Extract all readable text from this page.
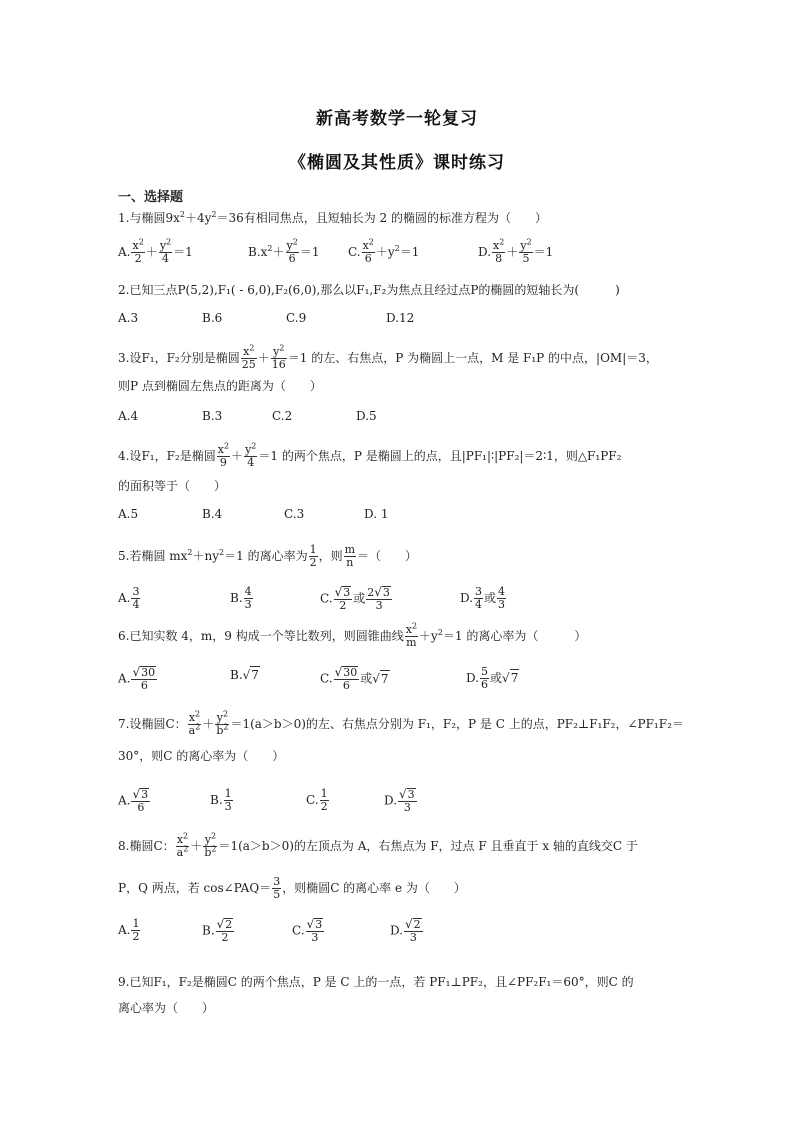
新高考数学一轮复习
《椭圆及其性质》课时练习
一、选择题
1.与椭圆$9x^2+4y^2=36$有相同焦点，且短轴长为 2 的椭圆的标准方程为（　　）
A. $\frac{x^2}{2} + \frac{y^2}{4} =1$	$B.x^2+ \frac{y^2}{6} =1$ C. $\frac{x^2}{6} +y^2=1$	D. $\frac{x^2}{8} + \frac{y^2}{5} =1$
2.已知三点P(5,2),F₁( - 6,0),F₂(6,0),那么以F₁,F₂为焦点且经过点P的椭圆的短轴长为(　　　)
A.3	B.6	C.9	D.12
3.设F₁，F₂分别是椭圆 $\frac{x^2}{25} + \frac{y^2}{16} =1$ 的左、右焦点，P 为椭圆上一点，M 是 F₁P 的中点，|OM|＝3，
则P 点到椭圆左焦点的距离为（　　）
A.4	B.3	C.2	D.5
4.设F₁，F₂是椭圆 $\frac{x^2}{9} + \frac{y^2}{4} =1$ 的两个焦点，P 是椭圆上的点，且|PF₁|∶|PF₂|＝2∶1，则△F₁PF₂
的面积等于（　　）
A.5	B.4	C.3	D. 1
5.若椭圆 $mx^2+ny^2=1$ 的离心率为 $\frac{1}{2}$ ，则 $\frac{m}{n}$ ＝（　　）
A. $\frac{3}{4}$	B. $\frac{4}{3}$	C. $\frac{√3}{2}$ 或 $\frac{2√3}{3}$	D. $\frac{3}{4}$ 或 $\frac{4}{3}$
6.已知实数 4，m，9 构成一个等比数列，则圆锥曲线 $\frac{x^2}{m} +y^2=1$ 的离心率为（　　　）
A. $\frac{√30}{6}$	B.√7	C. $\frac{√30}{6}$ 或√7	D. $\frac{5}{6}$ 或√7
7.设椭圆C： $\frac{x^2}{a^2} + \frac{y^2}{b^2} =1(a>b>0)$的左、右焦点分别为 F₁，F₂，P 是 C 上的点，PF₂⊥F₁F₂，∠PF₁F₂＝
30°，则C 的离心率为（　　）
A. $\frac{√3}{6}$	B. $\frac{1}{3}$	C. $\frac{1}{2}$	D. $\frac{√3}{3}$
8.椭圆C： $\frac{x^2}{a^2} + \frac{y^2}{b^2} =1(a>b>0)$的左顶点为 A，右焦点为 F，过点 F 且垂直于 x 轴的直线交C 于
P，Q 两点，若 cos∠PAQ＝ $\frac{3}{5}$ ，则椭圆C 的离心率 e 为（　　）
A. $\frac{1}{2}$	B. $\frac{√2}{2}$	C. $\frac{√3}{3}$	D. $\frac{√2}{3}$
9.已知F₁，F₂是椭圆C 的两个焦点，P 是 C 上的一点，若 PF₁⊥PF₂，且∠PF₂F₁＝60°，则C 的
离心率为（　　）
